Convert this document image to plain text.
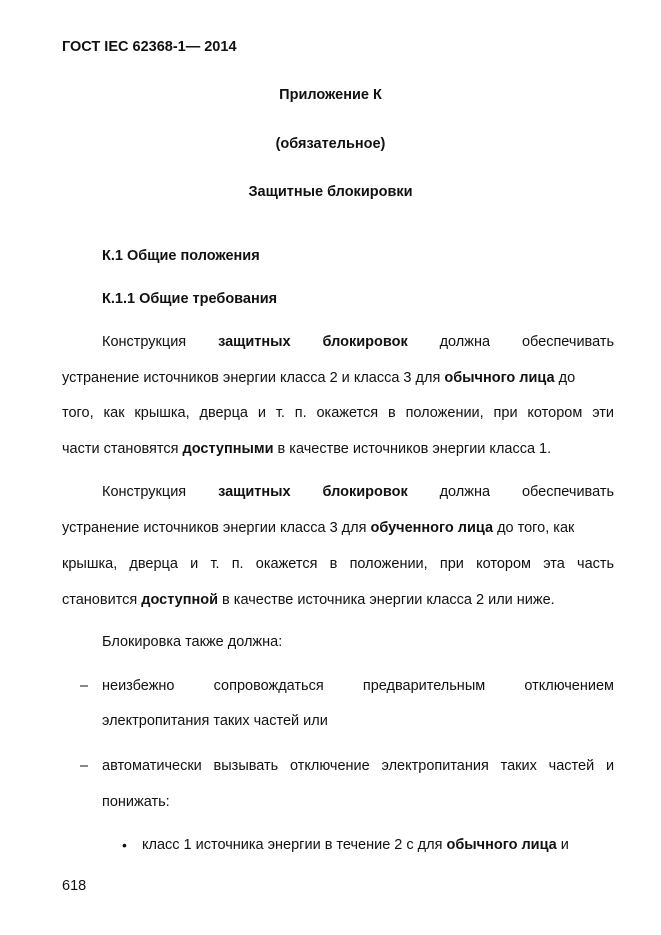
ГОСТ IEC 62368-1— 2014
Приложение К
(обязательное)
Защитные блокировки
К.1 Общие положения
К.1.1 Общие требования
Конструкция защитных блокировок должна обеспечивать
устранение источников энергии класса 2 и класса 3 для обычного лица до
того, как крышка, дверца и т. п. окажется в положении, при котором эти
части становятся доступными в качестве источников энергии класса 1.
Конструкция защитных блокировок должна обеспечивать
устранение источников энергии класса 3 для обученного лица до того, как
крышка, дверца и т. п. окажется в положении, при котором эта часть
становится доступной в качестве источника энергии класса 2 или ниже.
Блокировка также должна:
– неизбежно	сопровождаться	предварительным	отключением
электропитания таких частей или
– автоматически вызывать отключение электропитания таких частей и
понижать:
• класс 1 источника энергии в течение 2 с для обычного лица и
618
